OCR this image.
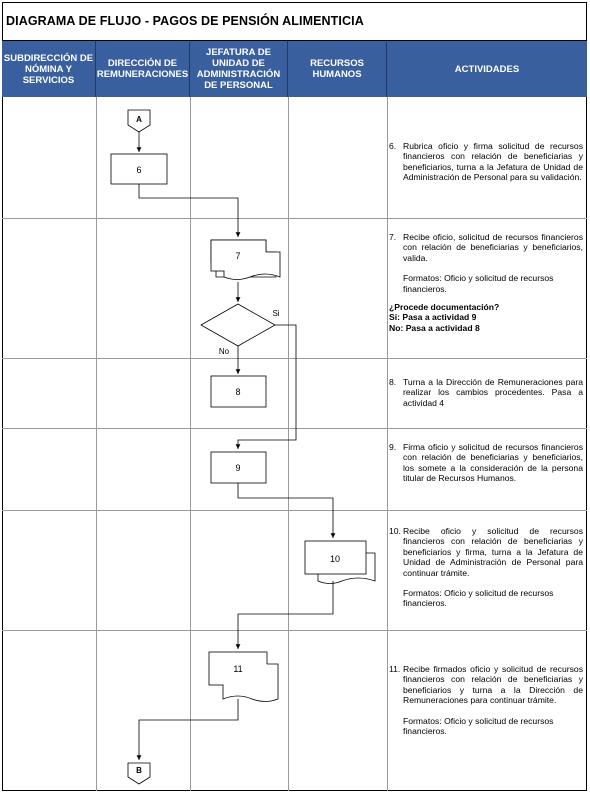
DIAGRAMA DE FLUJO - PAGOS DE PENSIÓN ALIMENTICIA
SUBDIRECCIÓN DE NÓMINA Y SERVICIOS
DIRECCIÓN DE REMUNERACIONES
JEFATURA DE UNIDAD DE ADMINISTRACIÓN DE PERSONAL
RECURSOS HUMANOS	ACTIVIDADES
A
B
6
7
8
9
10
11
Si
No
6. Rubrica oficio y firma solicitud de recursos financieros con relación de beneficiarias y beneficiarios, turna a la Jefatura de Unidad de Administración de Personal para su validación.
7. Recibe oficio, solicitud de recursos financieros con relación de beneficiarias y beneficiarios, valida.
Formatos: Oficio y solicitud de recursos financieros.
¿Procede documentación?
Si: Pasa a actividad 9
No: Pasa a actividad 8
8. Turna a la Dirección de Remuneraciones para realizar los cambios procedentes. Pasa a actividad 4
9. Firma oficio y solicitud de recursos financieros con relación de beneficiarias y beneficiarios, los somete a la consideración de la persona titular de Recursos Humanos.
10. Recibe oficio y solicitud de recursos financieros con relación de beneficiarias y beneficiarios y firma, turna a la Jefatura de Unidad de Administración de Personal para continuar trámite.
Formatos: Oficio y solicitud de recursos financieros.
11. Recibe firmados oficio y solicitud de recursos financieros con relación de beneficiarias y beneficiarios y turna a la Dirección de Remuneraciones para continuar trámite.
Formatos: Oficio y solicitud de recursos financieros.
